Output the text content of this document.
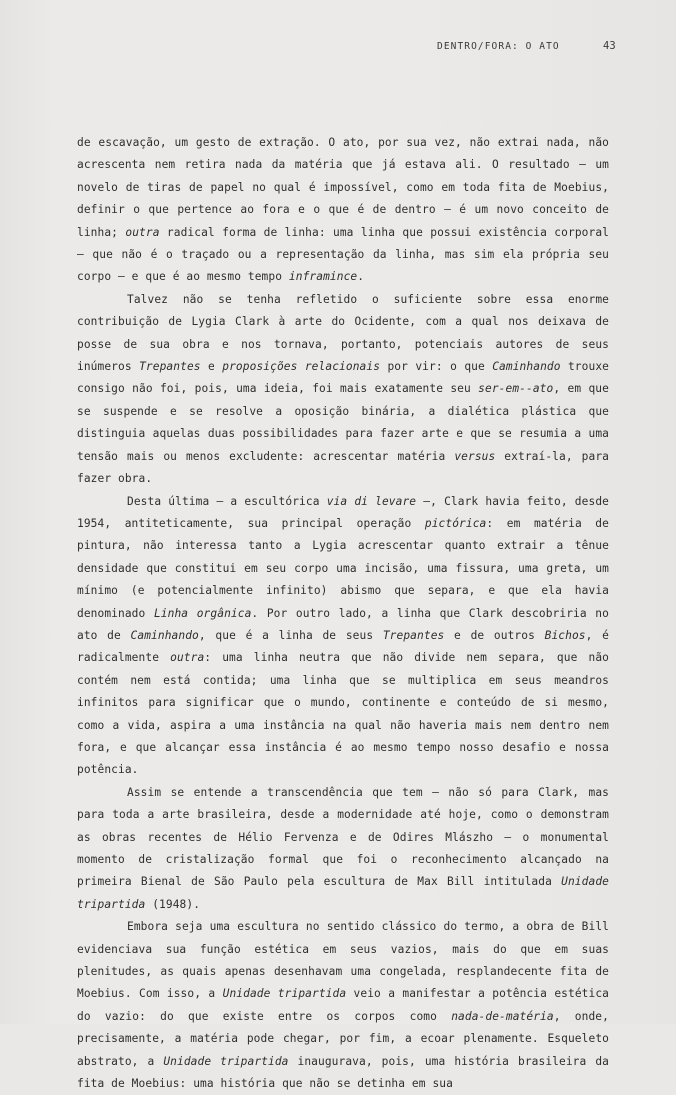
DENTRO/FORA: O ATO	43

de escavação, um gesto de extração. O ato, por sua vez, não extrai nada, não acrescenta nem retira nada da matéria que já estava ali. O resultado – um novelo de tiras de papel no qual é impossível, como em toda fita de Moebius, definir o que pertence ao fora e o que é de dentro – é um novo conceito de linha; outra radical forma de linha: uma linha que possui existência corporal – que não é o traçado ou a representação da linha, mas sim ela própria seu corpo – e que é ao mesmo tempo inframince.

Talvez não se tenha refletido o suficiente sobre essa enorme contribuição de Lygia Clark à arte do Ocidente, com a qual nos deixava de posse de sua obra e nos tornava, portanto, potenciais autores de seus inúmeros Trepantes e proposições relacionais por vir: o que Caminhando trouxe consigo não foi, pois, uma ideia, foi mais exatamente seu ser-em--ato, em que se suspende e se resolve a oposição binária, a dialética plástica que distinguia aquelas duas possibilidades para fazer arte e que se resumia a uma tensão mais ou menos excludente: acrescentar matéria versus extraí-la, para fazer obra.

Desta última – a escultórica via di levare –, Clark havia feito, desde 1954, antiteticamente, sua principal operação pictórica: em matéria de pintura, não interessa tanto a Lygia acrescentar quanto extrair a tênue densidade que constitui em seu corpo uma incisão, uma fissura, uma greta, um mínimo (e potencialmente infinito) abismo que separa, e que ela havia denominado Linha orgânica. Por outro lado, a linha que Clark descobriria no ato de Caminhando, que é a linha de seus Trepantes e de outros Bichos, é radicalmente outra: uma linha neutra que não divide nem separa, que não contém nem está contida; uma linha que se multiplica em seus meandros infinitos para significar que o mundo, continente e conteúdo de si mesmo, como a vida, aspira a uma instância na qual não haveria mais nem dentro nem fora, e que alcançar essa instância é ao mesmo tempo nosso desafio e nossa potência.

Assim se entende a transcendência que tem – não só para Clark, mas para toda a arte brasileira, desde a modernidade até hoje, como o demonstram as obras recentes de Hélio Fervenza e de Odires Mlászho – o monumental momento de cristalização formal que foi o reconhecimento alcançado na primeira Bienal de São Paulo pela escultura de Max Bill intitulada Unidade tripartida (1948).

Embora seja uma escultura no sentido clássico do termo, a obra de Bill evidenciava sua função estética em seus vazios, mais do que em suas plenitudes, as quais apenas desenhavam uma congelada, resplandecente fita de Moebius. Com isso, a Unidade tripartida veio a manifestar a potência estética do vazio: do que existe entre os corpos como nada-de-matéria, onde, precisamente, a matéria pode chegar, por fim, a ecoar plenamente. Esqueleto abstrato, a Unidade tripartida inaugurava, pois, uma história brasileira da fita de Moebius: uma história que não se detinha em sua
